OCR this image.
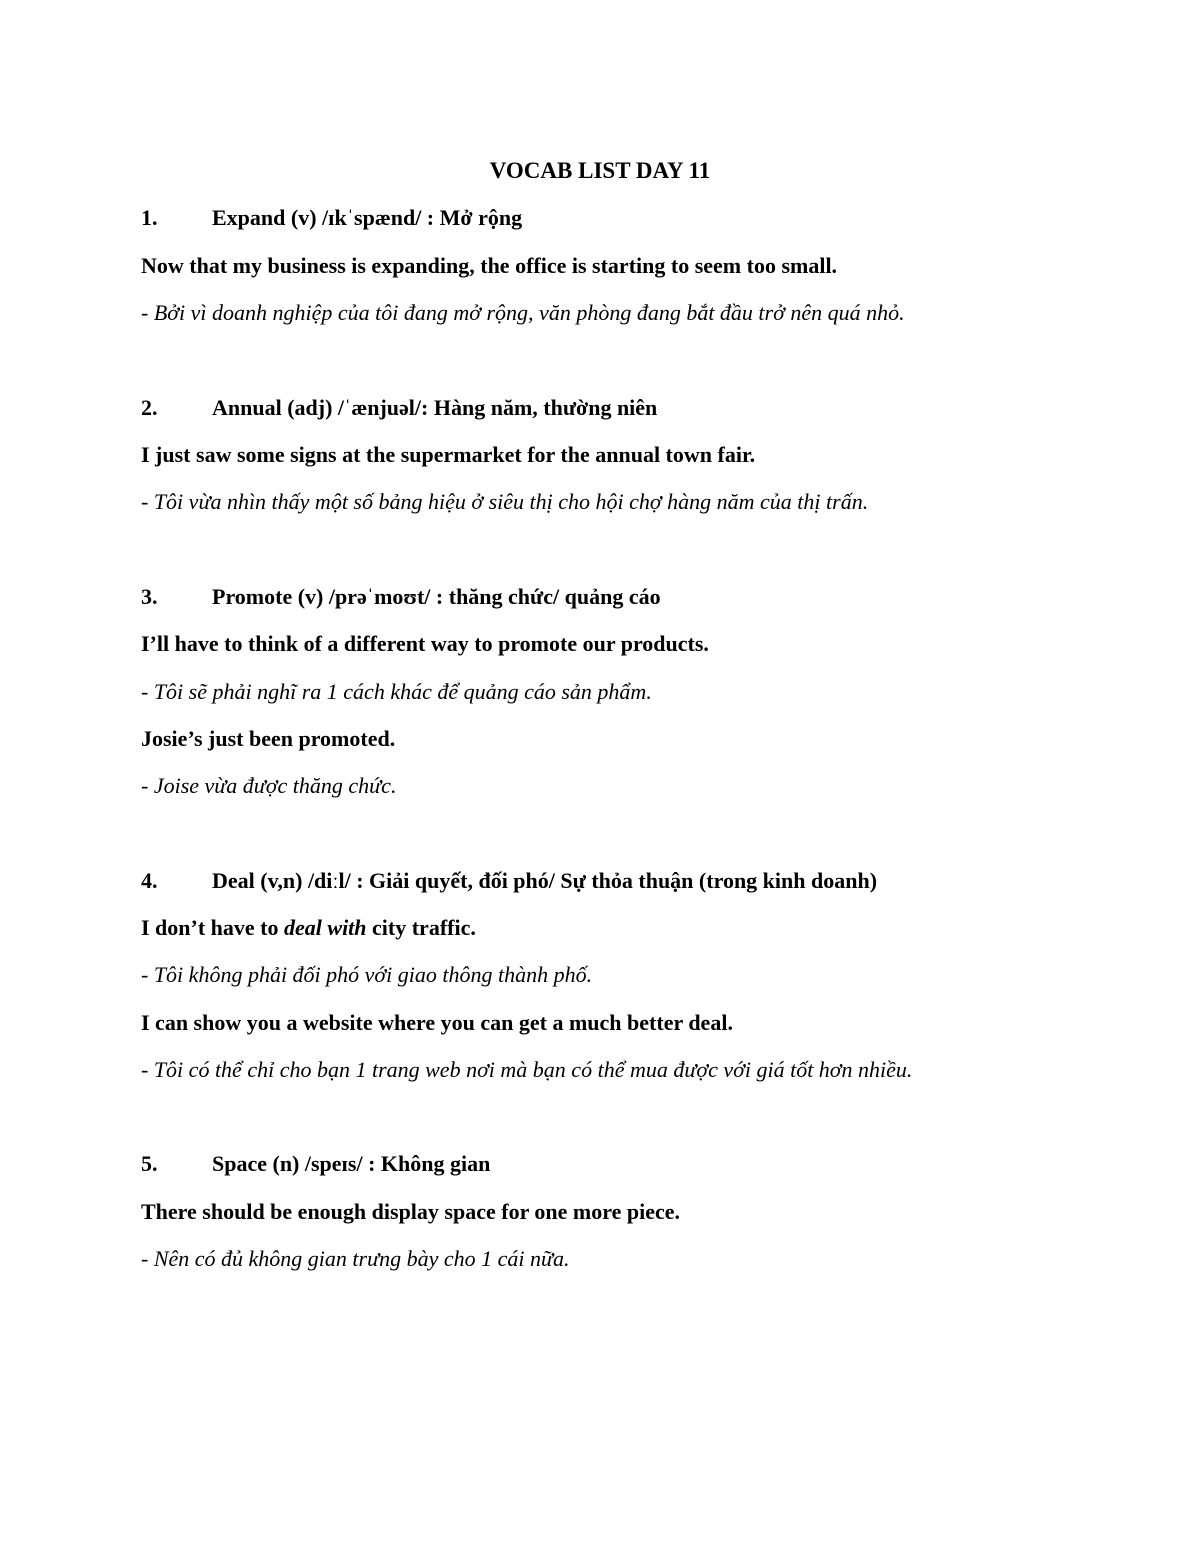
VOCAB LIST DAY 11
1. Expand (v) /ɪkˈspænd/ : Mở rộng
Now that my business is expanding, the office is starting to seem too small.
- Bởi vì doanh nghiệp của tôi đang mở rộng, văn phòng đang bắt đầu trở nên quá nhỏ.
2. Annual (adj) /ˈænjuəl/: Hàng năm, thường niên
I just saw some signs at the supermarket for the annual town fair.
- Tôi vừa nhìn thấy một số bảng hiệu ở siêu thị cho hội chợ hàng năm của thị trấn.
3. Promote (v) /prəˈmoʊt/ : thăng chức/ quảng cáo
I’ll have to think of a different way to promote our products.
- Tôi sẽ phải nghĩ ra 1 cách khác để quảng cáo sản phẩm.
Josie’s just been promoted.
- Joise vừa được thăng chức.
4. Deal (v,n) /diːl/ : Giải quyết, đối phó/ Sự thỏa thuận (trong kinh doanh)
I don’t have to deal with city traffic.
- Tôi không phải đối phó với giao thông thành phố.
I can show you a website where you can get a much better deal.
- Tôi có thể chỉ cho bạn 1 trang web nơi mà bạn có thể mua được với giá tốt hơn nhiều.
5. Space (n) /speɪs/ : Không gian
There should be enough display space for one more piece.
- Nên có đủ không gian trưng bày cho 1 cái nữa.
